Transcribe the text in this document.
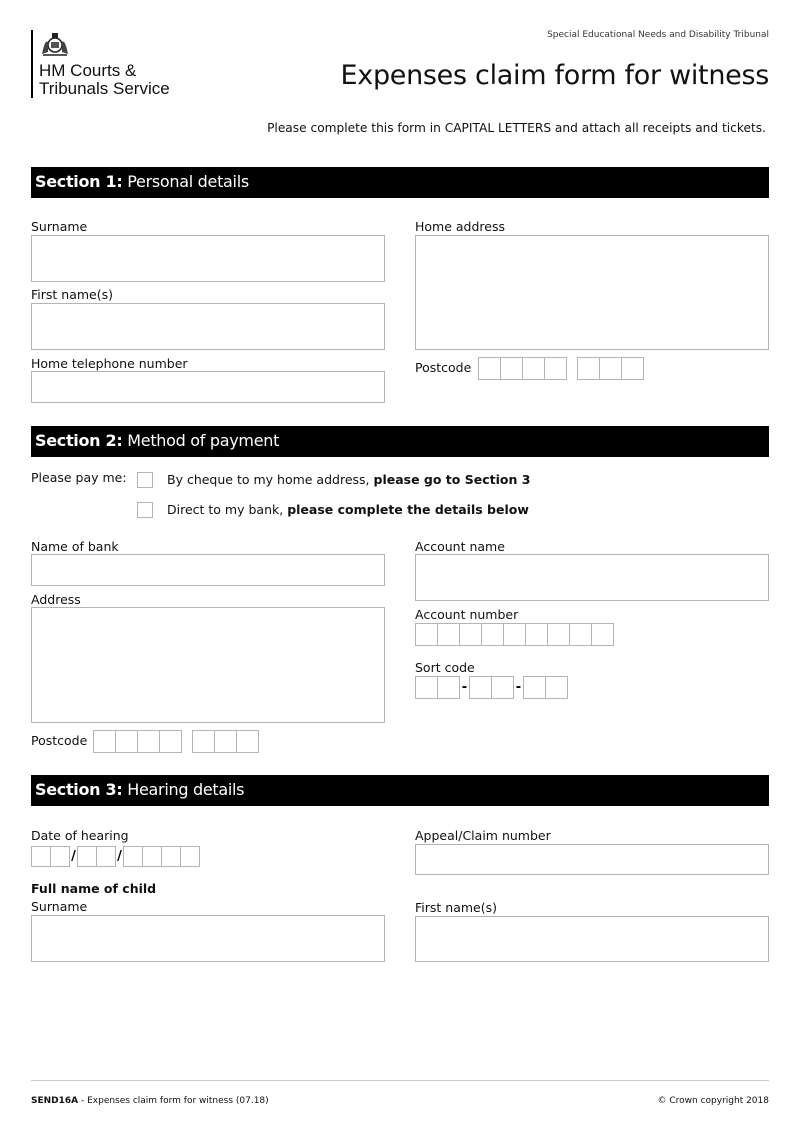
HM Courts &
Tribunals Service
Special Educational Needs and Disability Tribunal
Expenses claim form for witness
Please complete this form in CAPITAL LETTERS and attach all receipts and tickets.
Section 1: Personal details
Surname
First name(s)
Home telephone number
Home address
Postcode
Section 2: Method of payment
Please pay me:	By cheque to my home address, please go to Section 3
Direct to my bank, please complete the details below
Name of bank
Address
Postcode
Account name
Account number
Sort code
-	-
Section 3: Hearing details
Date of hearing
/	/
Full name of child
Surname
Appeal/Claim number
First name(s)
SEND16A - Expenses claim form for witness (07.18)	© Crown copyright 2018
